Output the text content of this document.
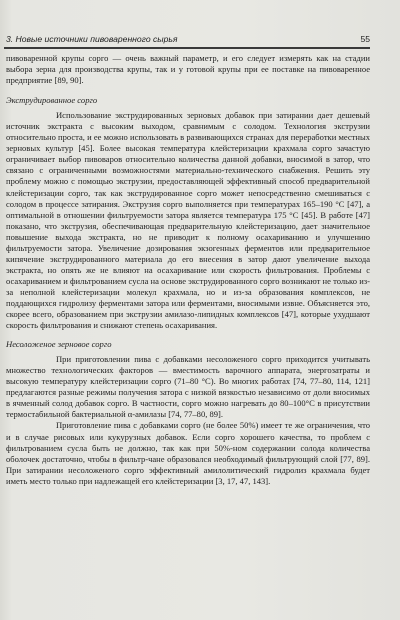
3. Новые источники пивоваренного сырья	55

пивоваренной крупы сорго — очень важный параметр, и его следует измерять как на стадии выбора зерна для производства крупы, так и у готовой крупы при ее поставке на пивоваренное предприятие [89, 90].

Экструдированное сорго

Использование экструдированных зерновых добавок при затирании дает дешевый источник экстракта с высоким выходом, сравнимым с солодом. Технология экструзии относительно проста, и ее можно использовать в развивающихся странах для переработки местных зерновых культур [45]. Более высокая температура клейстеризации крахмала сорго зачастую ограничивает выбор пивоваров относительно количества данной добавки, вносимой в затор, что связано с ограниченными возможностями материально-технического снабжения. Решить эту проблему можно с помощью экструзии, предоставляющей эффективный способ предварительной клейстеризации сорго, так как экструдированное сорго может непосредственно смешиваться с солодом в процессе затирания. Экструзия сорго выполняется при температурах 165–190 °С [47], а оптимальной в отношении фильтруемости затора является температура 175 °С [45]. В работе [47] показано, что экструзия, обеспечивающая предварительную клейстеризацию, дает значительное повышение выхода экстракта, но не приводит к полному осахариванию и улучшению фильтруемости затора. Увеличение дозирования экзогенных ферментов или предварительное кипячение экструдированного материала до его внесения в затор дают увеличение выхода экстракта, но опять же не влияют на осахаривание или скорость фильтрования. Проблемы с осахариванием и фильтрованием сусла на основе экструдированного сорго возникают не только из-за неполной клейстеризации молекул крахмала, но и из-за образования комплексов, не поддающихся гидролизу ферментами затора или ферментами, вносимыми извне. Объясняется это, скорее всего, образованием при экструзии амилазо-липидных комплексов [47], которые ухудшают скорость фильтрования и снижают степень осахаривания.

Несоложеное зерновое сорго

При приготовлении пива с добавками несоложеного сорго приходится учитывать множество технологических факторов — вместимость варочного аппарата, энергозатраты и высокую температуру клейстеризации сорго (71–80 °С). Во многих работах [74, 77–80, 114, 121] предлагаются разные режимы получения затора с низкой вязкостью независимо от доли вносимых в ячменный солод добавок сорго. В частности, сорго можно нагревать до 80–100°С в присутствии термостабильной бактериальной α-амилазы [74, 77–80, 89].

Приготовление пива с добавками сорго (не более 50%) имеет те же ограничения, что и в случае рисовых или кукурузных добавок. Если сорго хорошего качества, то проблем с фильтрованием сусла быть не должно, так как при 50%-ном содержании солода количества оболочек достаточно, чтобы в фильтр-чане образовался необходимый фильтрующий слой [77, 89]. При затирании несоложеного сорго эффективный амилолитический гидролиз крахмала будет иметь место только при надлежащей его клейстеризации [3, 17, 47, 143].
